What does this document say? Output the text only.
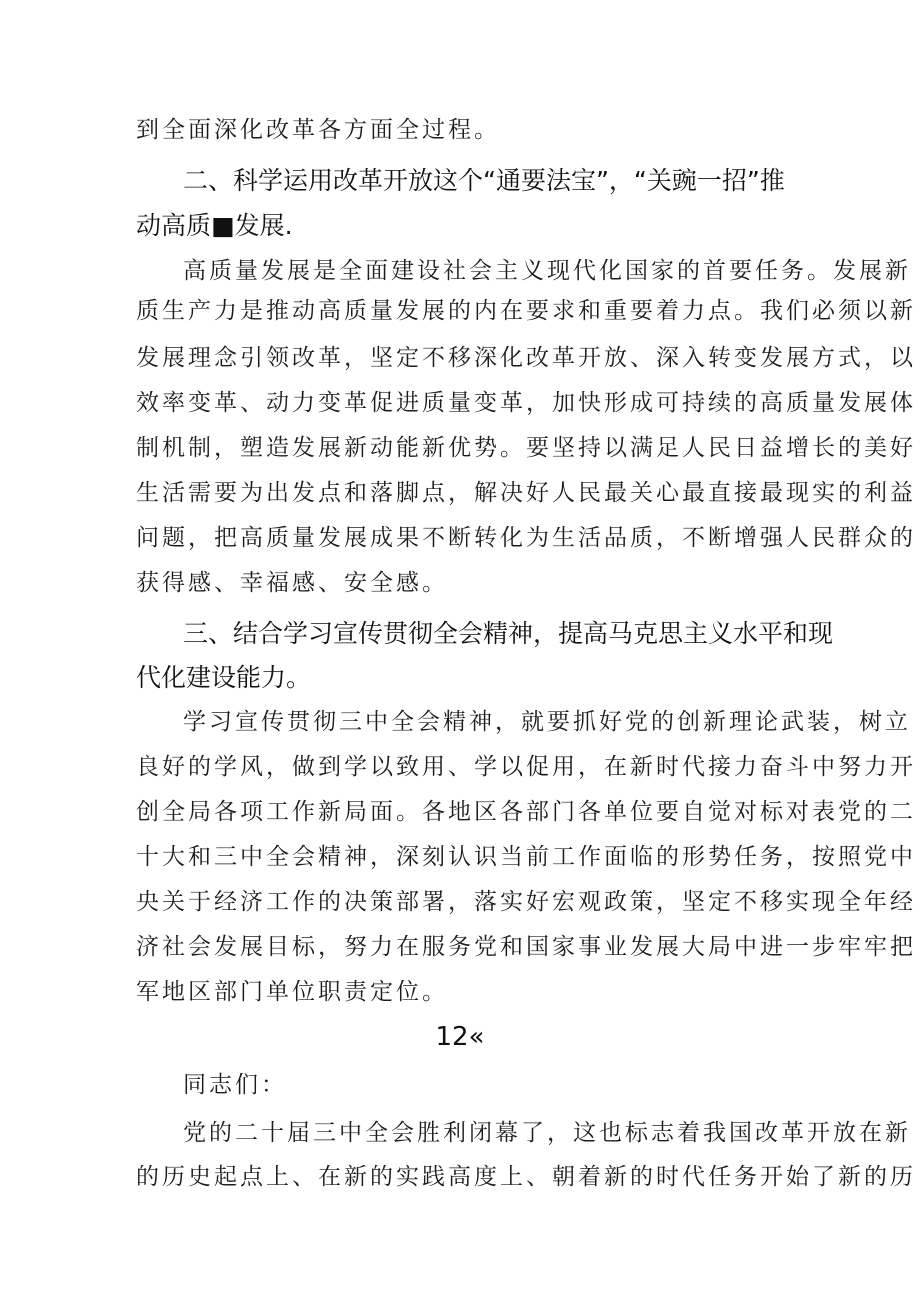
到全面深化改革各方面全过程。
二、科学运用改革开放这个“通要法宝”，“关豌一招”推
动高质■发展.
高质量发展是全面建设社会主义现代化国家的首要任务。发展新
质生产力是推动高质量发展的内在要求和重要着力点。我们必须以新
发展理念引领改革，坚定不移深化改革开放、深入转变发展方式，以
效率变革、动力变革促进质量变革，加快形成可持续的高质量发展体
制机制，塑造发展新动能新优势。要坚持以满足人民日益增长的美好
生活需要为出发点和落脚点，解决好人民最关心最直接最现实的利益
问题，把高质量发展成果不断转化为生活品质，不断增强人民群众的
获得感、幸福感、安全感。
三、结合学习宣传贯彻全会精神，提高马克思主义水平和现
代化建设能力。
学习宣传贯彻三中全会精神，就要抓好党的创新理论武装，树立
良好的学风，做到学以致用、学以促用，在新时代接力奋斗中努力开
创全局各项工作新局面。各地区各部门各单位要自觉对标对表党的二
十大和三中全会精神，深刻认识当前工作面临的形势任务，按照党中
央关于经济工作的决策部署，落实好宏观政策，坚定不移实现全年经
济社会发展目标，努力在服务党和国家事业发展大局中进一步牢牢把
军地区部门单位职责定位。
12«
同志们：
党的二十届三中全会胜利闭幕了，这也标志着我国改革开放在新
的历史起点上、在新的实践高度上、朝着新的时代任务开始了新的历
